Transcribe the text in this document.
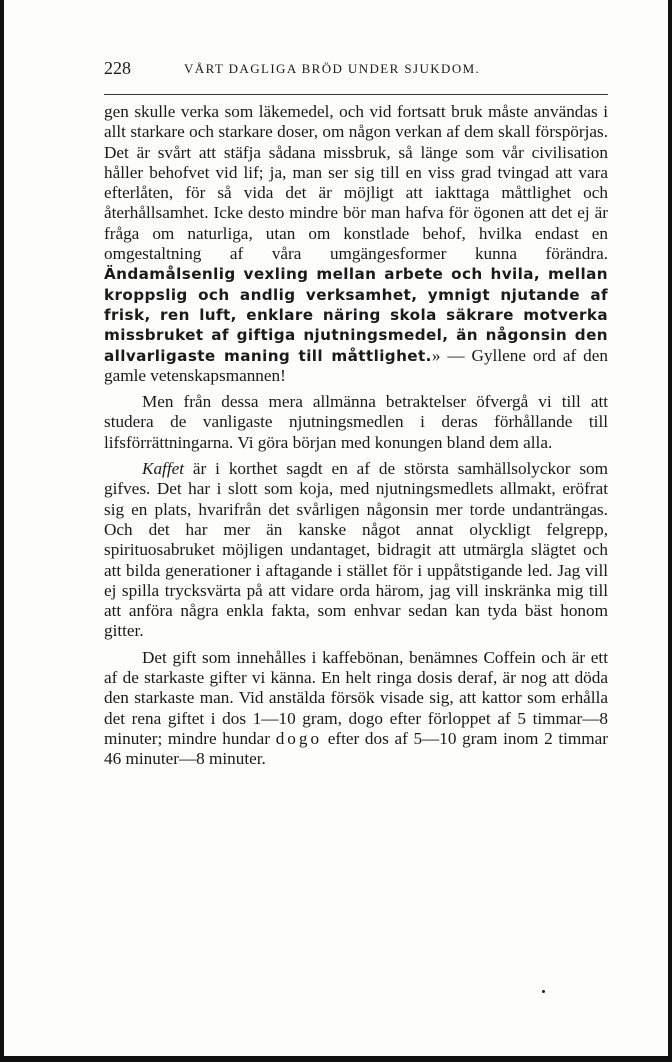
228	VÅRT DAGLIGA BRÖD UNDER SJUKDOM.

gen skulle verka som läkemedel, och vid fortsatt bruk måste användas i allt starkare och starkare doser, om någon verkan af dem skall förspörjas. Det är svårt att stäfja sådana missbruk, så länge som vår civilisation håller behofvet vid lif; ja, man ser sig till en viss grad tvingad att vara efterlåten, för så vida det är möjligt att iakttaga måttlighet och återhållsamhet. Icke desto mindre bör man hafva för ögonen att det ej är fråga om naturliga, utan om konstlade behof, hvilka endast en omgestaltning af våra umgängesformer kunna förändra. Ändamålsenlig vexling mellan arbete och hvila, mellan kroppslig och andlig verksamhet, ymnigt njutande af frisk, ren luft, enklare näring skola säkrare motverka missbruket af giftiga njutningsmedel, än någonsin den allvarligaste maning till måttlighet.» — Gyllene ord af den gamle vetenskapsmannen!

Men från dessa mera allmänna betraktelser öfvergå vi till att studera de vanligaste njutningsmedlen i deras förhållande till lifsförrättningarna. Vi göra början med konungen bland dem alla.

Kaffet är i korthet sagdt en af de största samhällsolyckor som gifves. Det har i slott som koja, med njutningsmedlets allmakt, eröfrat sig en plats, hvarifrån det svårligen någonsin mer torde undanträngas. Och det har mer än kanske något annat olyckligt felgrepp, spirituosabruket möjligen undantaget, bidragit att utmärgla slägtet och att bilda generationer i aftagande i stället för i uppåtstigande led. Jag vill ej spilla trycksvärta på att vidare orda härom, jag vill inskränka mig till att anföra några enkla fakta, som enhvar sedan kan tyda bäst honom gitter.

Det gift som innehålles i kaffebönan, benämnes Coffein och är ett af de starkaste gifter vi känna. En helt ringa dosis deraf, är nog att döda den starkaste man. Vid anstälda försök visade sig, att kattor som erhålla det rena giftet i dos 1—10 gram, dogo efter förloppet af 5 timmar—8 minuter; mindre hundar dogo efter dos af 5—10 gram inom 2 timmar 46 minuter—8 minuter.
